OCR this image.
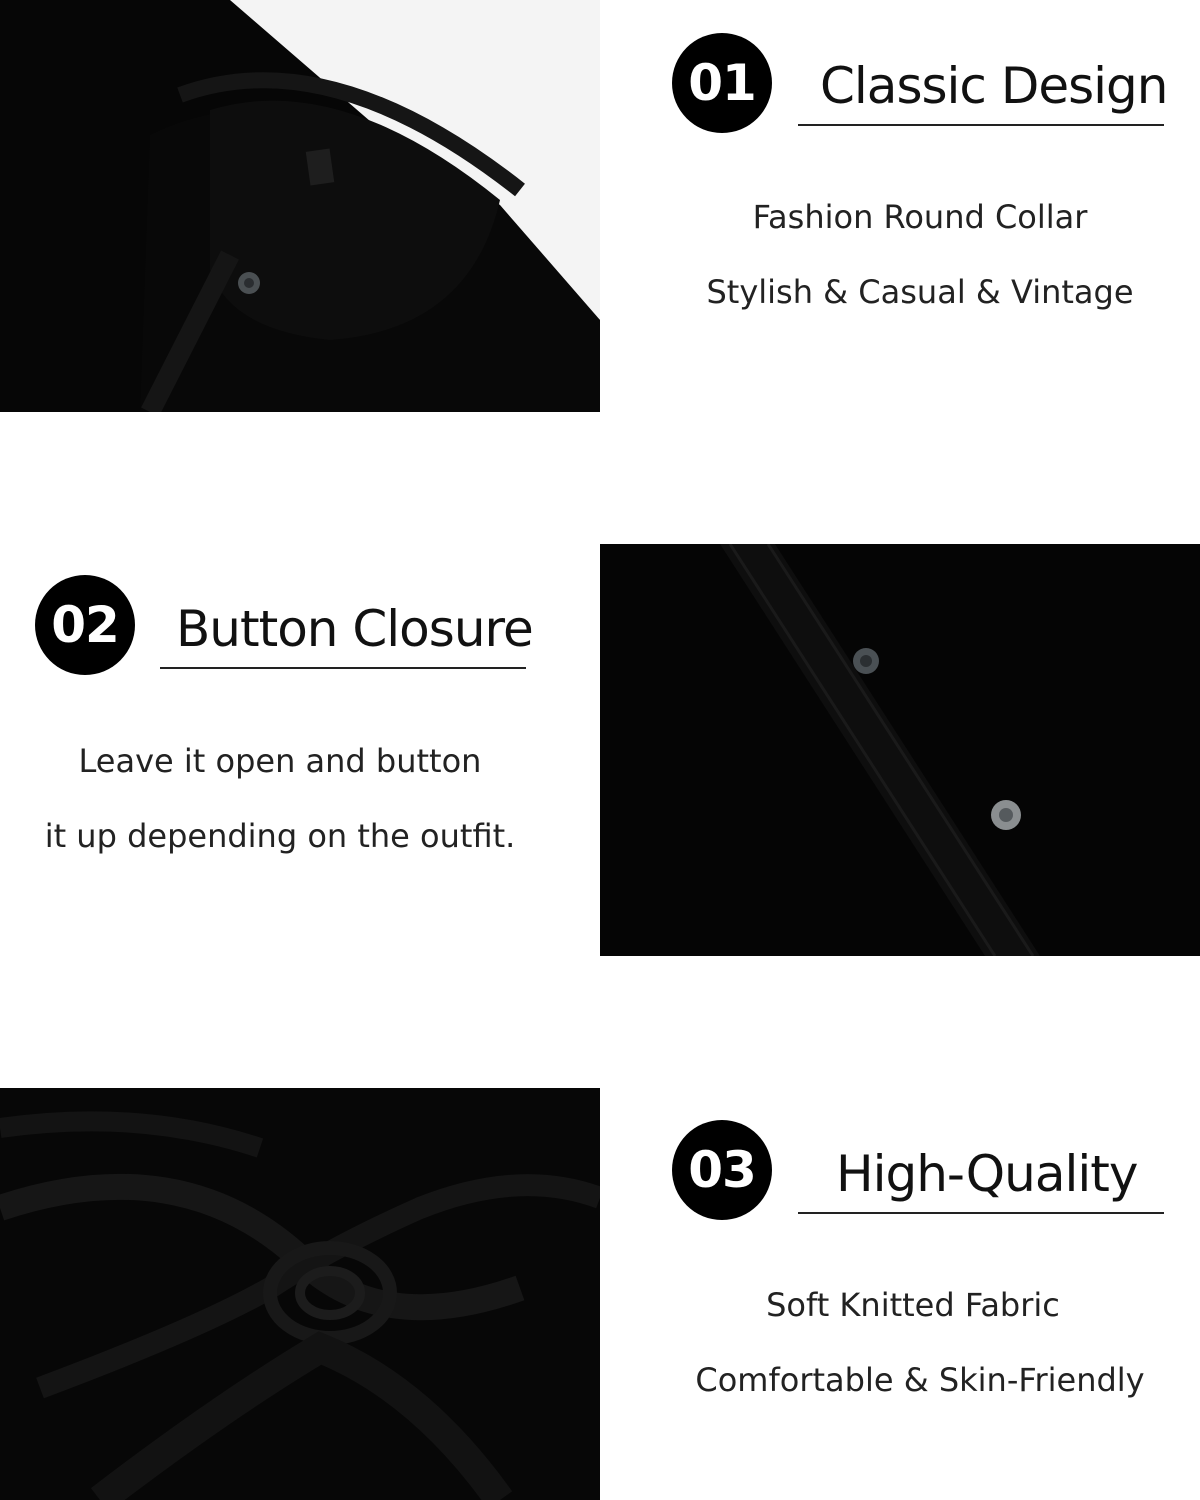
01	Classic Design
Fashion Round Collar
Stylish & Casual & Vintage
02	Button Closure
Leave it open and button
it up depending on the outfit.
03	High-Quality
Soft Knitted Fabric
Comfortable & Skin-Friendly
